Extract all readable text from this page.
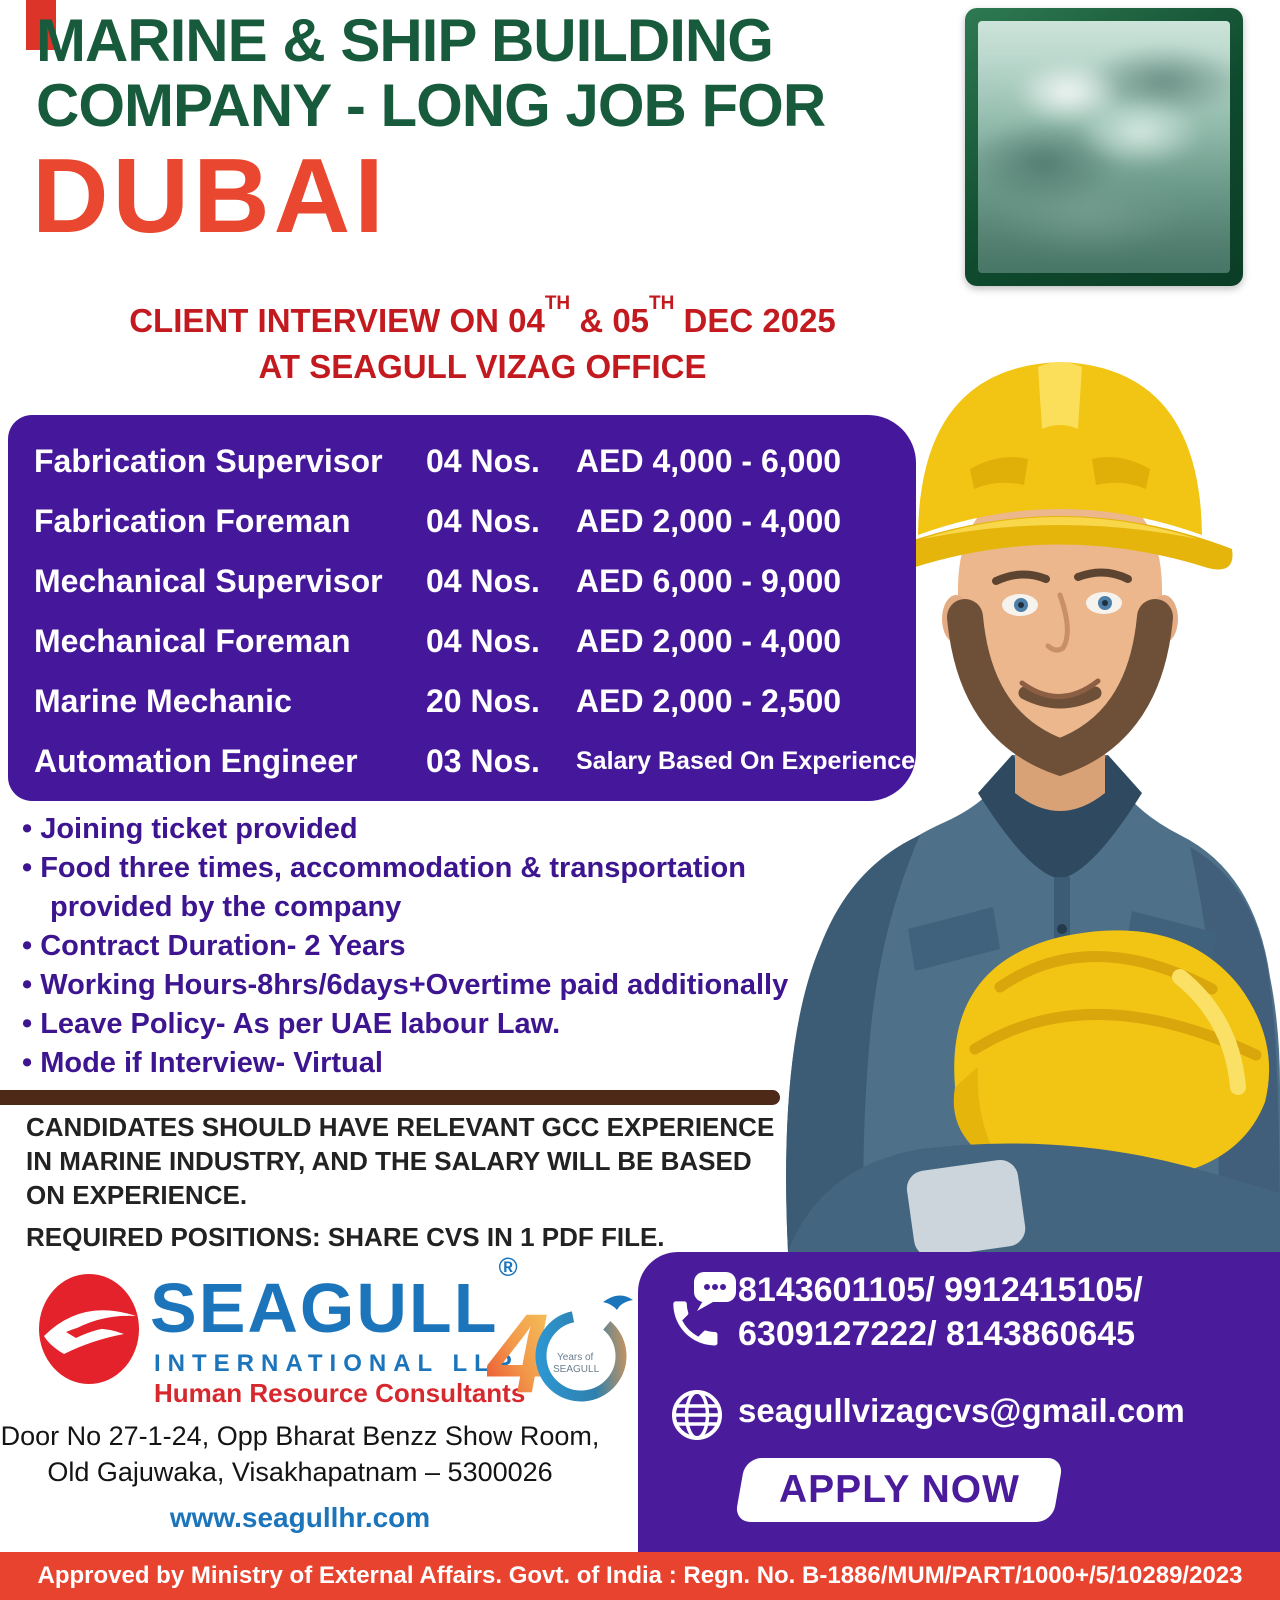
MARINE & SHIP BUILDING
COMPANY - LONG JOB FOR
DUBAI
CLIENT INTERVIEW ON 04TH & 05TH DEC 2025
AT SEAGULL VIZAG OFFICE
Fabrication Supervisor	04 Nos.	AED 4,000 - 6,000
Fabrication Foreman	04 Nos.	AED 2,000 - 4,000
Mechanical Supervisor	04 Nos.	AED 6,000 - 9,000
Mechanical Foreman	04 Nos.	AED 2,000 - 4,000
Marine Mechanic	20 Nos.	AED 2,000 - 2,500
Automation Engineer	03 Nos.	Salary Based On Experience
• Joining ticket provided
• Food three times, accommodation & transportation
provided by the company
• Contract Duration- 2 Years
• Working Hours-8hrs/6days+Overtime paid additionally
• Leave Policy- As per UAE labour Law.
• Mode if Interview- Virtual
CANDIDATES SHOULD HAVE RELEVANT GCC EXPERIENCE
IN MARINE INDUSTRY, AND THE SALARY WILL BE BASED
ON EXPERIENCE.
REQUIRED POSITIONS: SHARE CVS IN 1 PDF FILE.
SEAGULL®
INTERNATIONAL LLP
Human Resource Consultants
4 Years of
SEAGULL
Door No 27-1-24, Opp Bharat Benzz Show Room,
Old Gajuwaka, Visakhapatnam – 5300026
www.seagullhr.com
8143601105/ 9912415105/
6309127222/ 8143860645
seagullvizagcvs@gmail.com
APPLY NOW
Approved by Ministry of External Affairs. Govt. of India : Regn. No. B-1886/MUM/PART/1000+/5/10289/2023
